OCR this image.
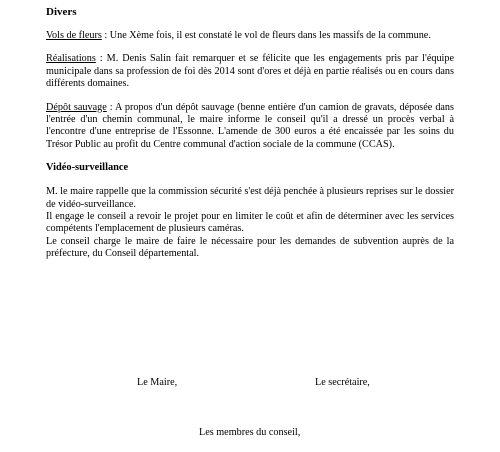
Divers

Vols de fleurs : Une Xème fois, il est constaté le vol de fleurs dans les massifs de la commune.

Réalisations : M. Denis Salin fait remarquer et se félicite que les engagements pris par l'équipe municipale dans sa profession de foi dès 2014 sont d'ores et déjà en partie réalisés ou en cours dans différents domaines.

Dépôt sauvage : A propos d'un dépôt sauvage (benne entière d'un camion de gravats, déposée dans l'entrée d'un chemin communal, le maire informe le conseil qu'il a dressé un procès verbal à l'encontre d'une entreprise de l'Essonne. L'amende de 300 euros a été encaissée par les soins du Trésor Public au profit du Centre communal d'action sociale de la commune (CCAS).

Vidéo-surveillance

M. le maire rappelle que la commission sécurité s'est déjà penchée à plusieurs reprises sur le dossier de vidéo-surveillance.

Il engage le conseil a revoir le projet pour en limiter le coût et afin de déterminer avec les services compétents l'emplacement de plusieurs caméras.

Le conseil charge le maire de faire le nécessaire pour les demandes de subvention auprès de la préfecture, du Conseil départemental.

Le Maire,	Le secrétaire,
Les membres du conseil,
